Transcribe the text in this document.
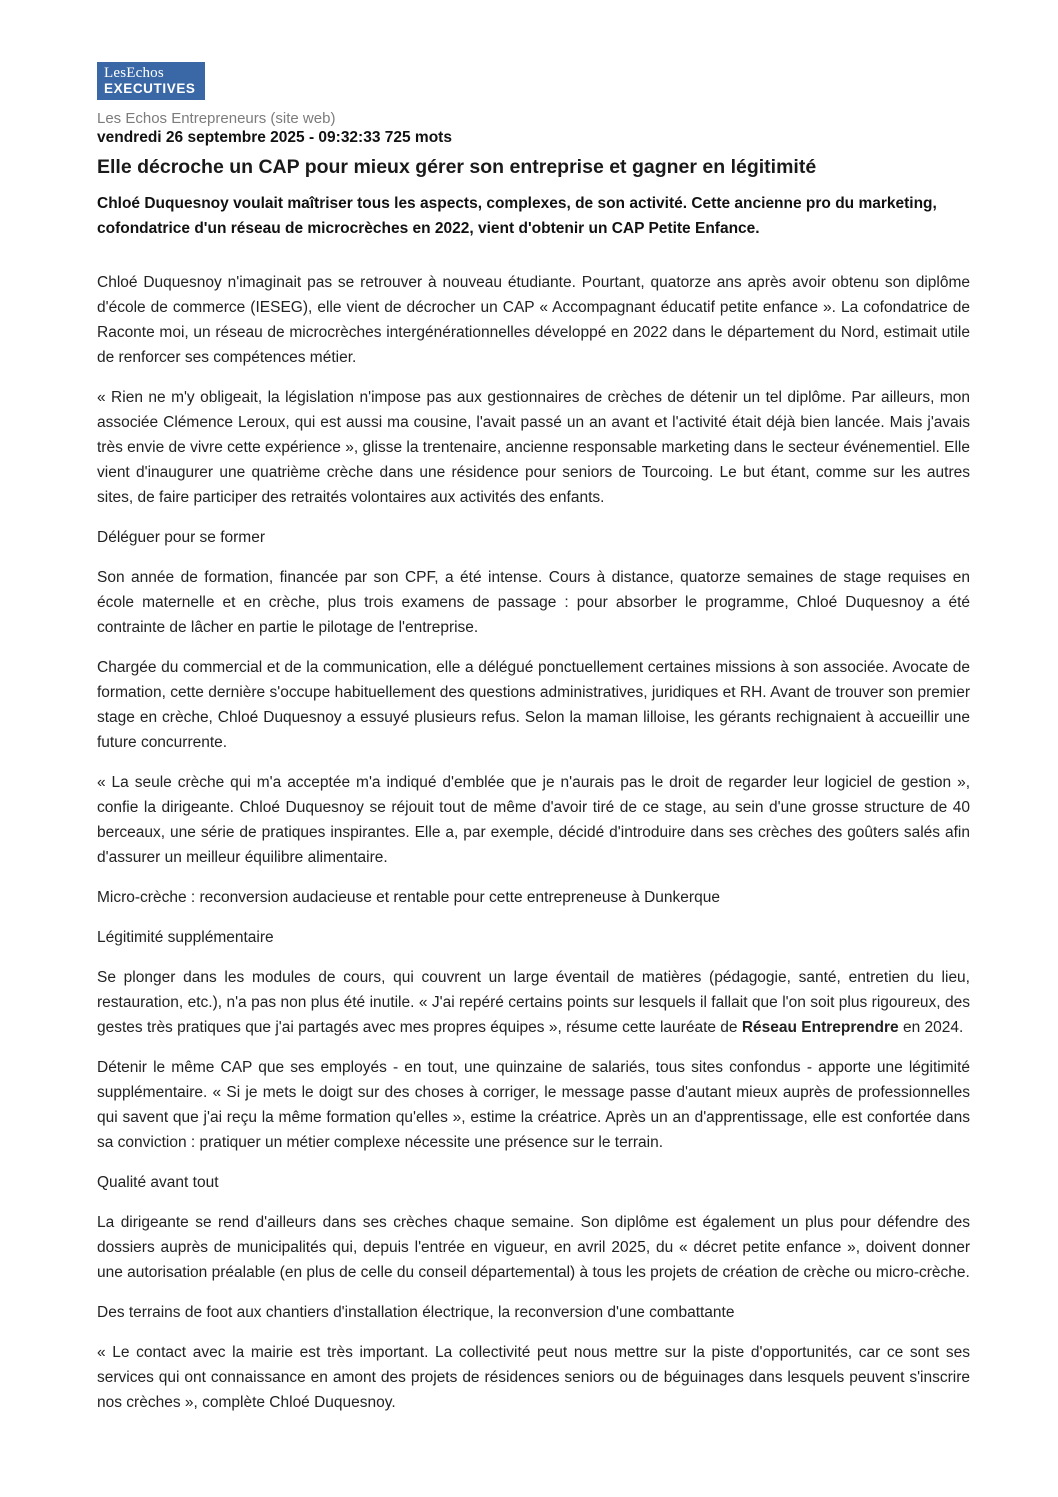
LesEchos
EXECUTIVES
Les Echos Entrepreneurs (site web)
vendredi 26 septembre 2025 - 09:32:33 725 mots
Elle décroche un CAP pour mieux gérer son entreprise et gagner en légitimité

Chloé Duquesnoy voulait maîtriser tous les aspects, complexes, de son activité. Cette ancienne pro du marketing, cofondatrice d'un réseau de microcrèches en 2022, vient d'obtenir un CAP Petite Enfance.

Chloé Duquesnoy n'imaginait pas se retrouver à nouveau étudiante. Pourtant, quatorze ans après avoir obtenu son diplôme d'école de commerce (IESEG), elle vient de décrocher un CAP « Accompagnant éducatif petite enfance ». La cofondatrice de Raconte moi, un réseau de microcrèches intergénérationnelles développé en 2022 dans le département du Nord, estimait utile de renforcer ses compétences métier.

« Rien ne m'y obligeait, la législation n'impose pas aux gestionnaires de crèches de détenir un tel diplôme. Par ailleurs, mon associée Clémence Leroux, qui est aussi ma cousine, l'avait passé un an avant et l'activité était déjà bien lancée. Mais j'avais très envie de vivre cette expérience », glisse la trentenaire, ancienne responsable marketing dans le secteur événementiel. Elle vient d'inaugurer une quatrième crèche dans une résidence pour seniors de Tourcoing. Le but étant, comme sur les autres sites, de faire participer des retraités volontaires aux activités des enfants.

Déléguer pour se former

Son année de formation, financée par son CPF, a été intense. Cours à distance, quatorze semaines de stage requises en école maternelle et en crèche, plus trois examens de passage : pour absorber le programme, Chloé Duquesnoy a été contrainte de lâcher en partie le pilotage de l'entreprise.

Chargée du commercial et de la communication, elle a délégué ponctuellement certaines missions à son associée. Avocate de formation, cette dernière s'occupe habituellement des questions administratives, juridiques et RH. Avant de trouver son premier stage en crèche, Chloé Duquesnoy a essuyé plusieurs refus. Selon la maman lilloise, les gérants rechignaient à accueillir une future concurrente.

« La seule crèche qui m'a acceptée m'a indiqué d'emblée que je n'aurais pas le droit de regarder leur logiciel de gestion », confie la dirigeante. Chloé Duquesnoy se réjouit tout de même d'avoir tiré de ce stage, au sein d'une grosse structure de 40 berceaux, une série de pratiques inspirantes. Elle a, par exemple, décidé d'introduire dans ses crèches des goûters salés afin d'assurer un meilleur équilibre alimentaire.

Micro-crèche : reconversion audacieuse et rentable pour cette entrepreneuse à Dunkerque

Légitimité supplémentaire

Se plonger dans les modules de cours, qui couvrent un large éventail de matières (pédagogie, santé, entretien du lieu, restauration, etc.), n'a pas non plus été inutile. « J'ai repéré certains points sur lesquels il fallait que l'on soit plus rigoureux, des gestes très pratiques que j'ai partagés avec mes propres équipes », résume cette lauréate de Réseau Entreprendre en 2024.

Détenir le même CAP que ses employés - en tout, une quinzaine de salariés, tous sites confondus - apporte une légitimité supplémentaire. « Si je mets le doigt sur des choses à corriger, le message passe d'autant mieux auprès de professionnelles qui savent que j'ai reçu la même formation qu'elles », estime la créatrice. Après un an d'apprentissage, elle est confortée dans sa conviction : pratiquer un métier complexe nécessite une présence sur le terrain.

Qualité avant tout

La dirigeante se rend d'ailleurs dans ses crèches chaque semaine. Son diplôme est également un plus pour défendre des dossiers auprès de municipalités qui, depuis l'entrée en vigueur, en avril 2025, du « décret petite enfance », doivent donner une autorisation préalable (en plus de celle du conseil départemental) à tous les projets de création de crèche ou micro-crèche.

Des terrains de foot aux chantiers d'installation électrique, la reconversion d'une combattante

« Le contact avec la mairie est très important. La collectivité peut nous mettre sur la piste d'opportunités, car ce sont ses services qui ont connaissance en amont des projets de résidences seniors ou de béguinages dans lesquels peuvent s'inscrire nos crèches », complète Chloé Duquesnoy.
